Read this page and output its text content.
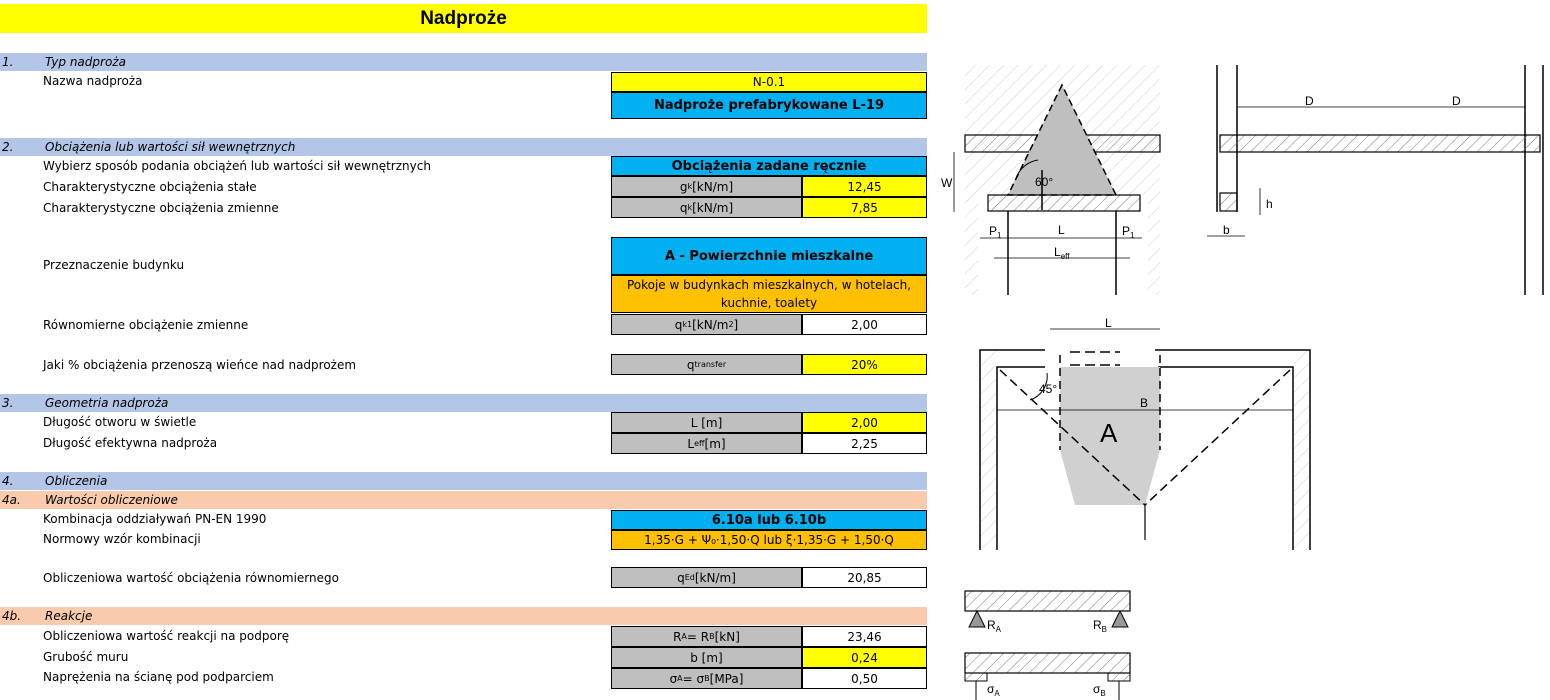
Nadproże
1.	Typ nadproża
Nazwa nadproża	N-0.1
Nadproże prefabrykowane L-19
2.	Obciążenia lub wartości sił wewnętrznych
Wybierz sposób podania obciążeń lub wartości sił wewnętrznych	Obciążenia zadane ręcznie
Charakterystyczne obciążenia stałe	g k [kN/m]	12,45
Charakterystyczne obciążenia zmienne	q k [kN/m]	7,85
Przeznaczenie budynku
A - Powierzchnie mieszkalne
Pokoje w budynkach mieszkalnych, w hotelach, kuchnie, toalety
Równomierne obciążenie zmienne	q k1 [kN/m 2 ]	2,00
Jaki % obciążenia przenoszą wieńce nad nadprożem	q transfer	20%
3.	Geometria nadproża
Długość otworu w świetle	L [m]	2,00
Długość efektywna nadproża	L eff [m]	2,25
4.	Obliczenia
4a.	Wartości obliczeniowe
Kombinacja oddziaływań PN-EN 1990	6.10a lub 6.10b
Normowy wzór kombinacji	1,35·G + Ψ₀·1,50·Q lub ξ·1,35·G + 1,50·Q
Obliczeniowa wartość obciążenia równomiernego	q Ed [kN/m]	20,85
4b.	Reakcje
Obliczeniowa wartość reakcji na podporę	R A = R B [kN]	23,46
Grubość muru	b [m]	0,24
Naprężenia na ścianę pod podparciem	σ A = σ B [MPa]	0,50
60°
W
$P_1$	L	$P_1$
$L_{eff}$
D	D
h
b
L
B
45°
A
$R_A$	$R_B$
$\sigma_A$	$\sigma_B$
